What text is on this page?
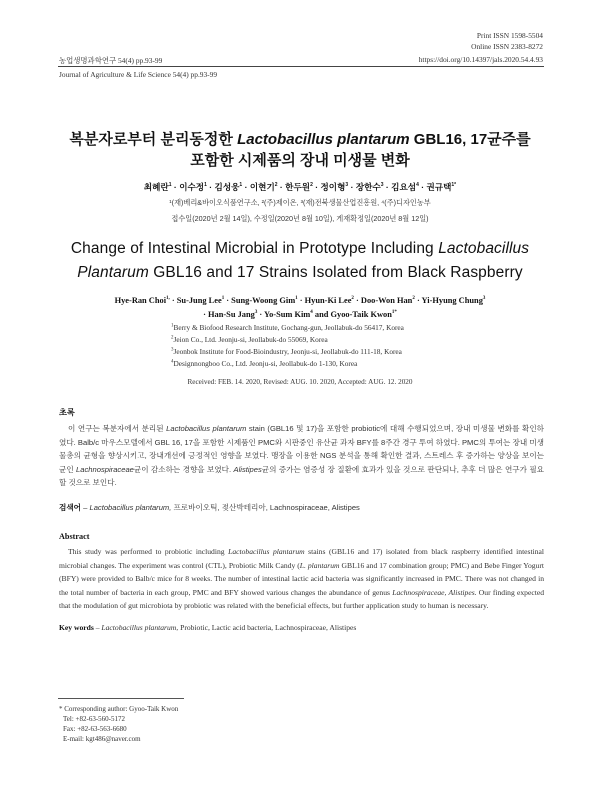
Print ISSN 1598-5504
Online ISSN 2383-8272
농업생명과학연구 54(4) pp.93-99	https://doi.org/10.14397/jals.2020.54.4.93
Journal of Agriculture & Life Science 54(4) pp.93-99
복분자로부터 분리동정한 Lactobacillus plantarum GBL16, 17균주를
포함한 시제품의 장내 미생물 변화
최혜란$^1$ · 이수정$^1$ · 김성웅$^1$ · 이현기$^2$ · 한두원$^2$ · 정이형$^3$ · 장한수$^3$ · 김요섬$^4$ · 권규택$^{1*}$
¹(재)베리&바이오식품연구소, ²(주)제이온, ³(재)전북생물산업진흥원, ⁴(주)디자인농부
접수일(2020년 2월 14일), 수정일(2020년 8월 10일), 게재확정일(2020년 8월 12일)
Change of Intestinal Microbial in Prototype Including Lactobacillus
Plantarum GBL16 and 17 Strains Isolated from Black Raspberry
Hye-Ran Choi$^{1,}$ · Su-Jung Lee$^1$ · Sung-Woong Gim$^1$ · Hyun-Ki Lee$^2$ · Doo-Won Han$^2$ · Yi-Hyung Chung$^3$
· Han-Su Jang$^3$ · Yo-Sum Kim$^4$ and Gyoo-Taik Kwon$^{1*}$
$^1$Berry & Biofood Research Institute, Gochang-gun, Jeollabuk-do 56417, Korea
$^2$Jeion Co., Ltd. Jeonju-si, Jeollabuk-do 55069, Korea
$^3$Jeonbok Institute for Food-Bioindustry, Jeonju-si, Jeollabuk-do 111-18, Korea
$^4$Designnongboo Co., Ltd. Jeonju-si, Jeollabuk-do 1-130, Korea
Received: FEB. 14. 2020, Revised: AUG. 10. 2020, Accepted: AUG. 12. 2020
초록
이 연구는 복분자에서 분리된 Lactobacillus plantarum stain (GBL16 및 17)을 포함한 probiotic에 대해 수행되었으며, 장내 미생물 변화를 확인하였다. Balb/c 마우스모델에서 GBL 16, 17을 포함한 시제품인 PMC와 시판중인 유산균 과자 BFY를 8주간 경구 투여 하였다. PMC의 투여는 장내 미생물총의 균형을 향상시키고, 장내개선에 긍정적인 영향을 보였다. 맹장을 이용한 NGS 분석을 통해 확인한 결과, 스트레스 후 증가하는 양상을 보이는 균인 Lachnospiraceae균이 감소하는 경향을 보였다. Alistipes균의 증가는 염증성 장 질환에 효과가 있을 것으로 판단되나, 추후 더 많은 연구가 필요할 것으로 보인다.
검색어 – Lactobacillus plantarum, 프로바이오틱, 젖산박테리아, Lachnospiraceae, Alistipes
Abstract
This study was performed to probiotic including Lactobacillus plantarum stains (GBL16 and 17) isolated from black raspberry identified intestinal microbial changes. The experiment was control (CTL), Probiotic Milk Candy (L. plantarum GBL16 and 17 combination group; PMC) and Bebe Finger Yogurt (BFY) were provided to Balb/c mice for 8 weeks. The number of intestinal lactic acid bacteria was significantly increased in PMC. There was not changed in the total number of bacteria in each group, PMC and BFY showed various changes the abundance of genus Lachnospiraceae, Alistipes. Our finding expected that the modulation of gut microbiota by probiotic was related with the beneficial effects, but further application study to human is necessary.
Key words – Lactobacillus plantarum, Probiotic, Lactic acid bacteria, Lachnospiraceae, Alistipes
* Corresponding author: Gyoo-Taik Kwon
Tel: +82-63-560-5172
Fax: +82-63-563-6680
E-mail: kgt486@naver.com
